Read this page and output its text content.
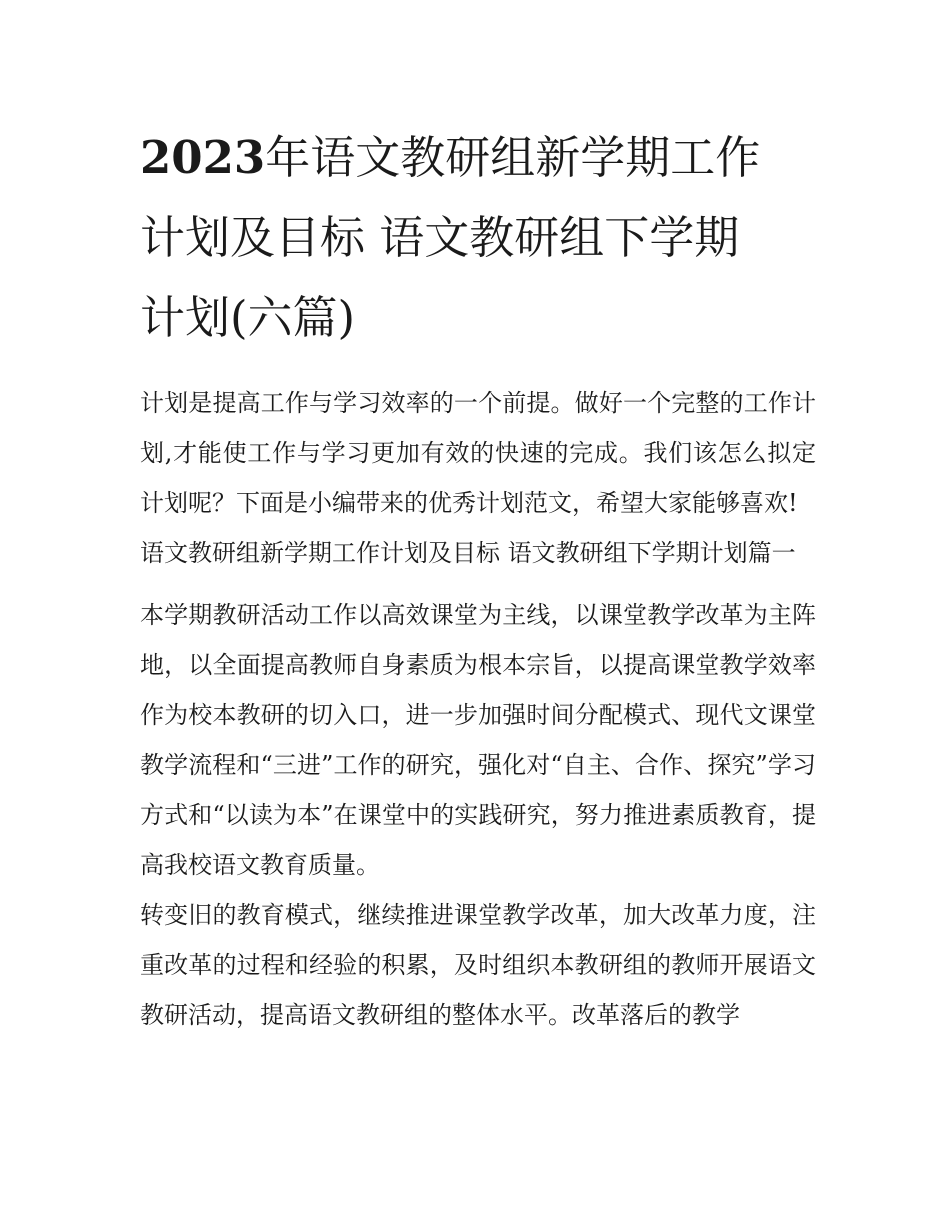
2023年语文教研组新学期工作
计划及目标 语文教研组下学期
计划(六篇)

计划是提高工作与学习效率的一个前提。做好一个完整的工作计划,才能使工作与学习更加有效的快速的完成。我们该怎么拟定计划呢？下面是小编带来的优秀计划范文，希望大家能够喜欢!

语文教研组新学期工作计划及目标 语文教研组下学期计划篇一

本学期教研活动工作以高效课堂为主线，以课堂教学改革为主阵地，以全面提高教师自身素质为根本宗旨，以提高课堂教学效率作为校本教研的切入口，进一步加强时间分配模式、现代文课堂教学流程和“三进”工作的研究，强化对“自主、合作、探究”学习方式和“以读为本”在课堂中的实践研究，努力推进素质教育，提高我校语文教育质量。

转变旧的教育模式，继续推进课堂教学改革，加大改革力度，注重改革的过程和经验的积累，及时组织本教研组的教师开展语文教研活动，提高语文教研组的整体水平。改革落后的教学
